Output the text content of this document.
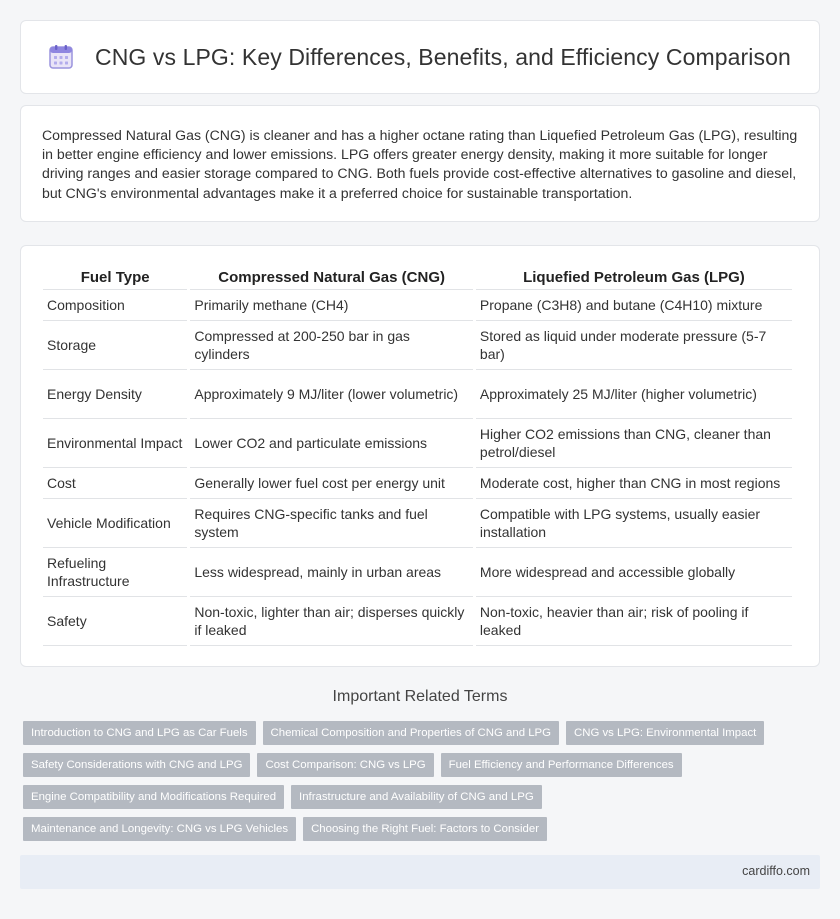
CNG vs LPG: Key Differences, Benefits, and Efficiency Comparison

Compressed Natural Gas (CNG) is cleaner and has a higher octane rating than Liquefied Petroleum Gas (LPG), resulting in better engine efficiency and lower emissions. LPG offers greater energy density, making it more suitable for longer driving ranges and easier storage compared to CNG. Both fuels provide cost-effective alternatives to gasoline and diesel, but CNG's environmental advantages make it a preferred choice for sustainable transportation.

Fuel Type	Compressed Natural Gas (CNG)	Liquefied Petroleum Gas (LPG)
Composition	Primarily methane (CH4)	Propane (C3H8) and butane (C4H10) mixture
Storage	Compressed at 200-250 bar in gas cylinders	Stored as liquid under moderate pressure (5-7 bar)
Energy Density	Approximately 9 MJ/liter (lower volumetric)	Approximately 25 MJ/liter (higher volumetric)
Environmental Impact	Lower CO2 and particulate emissions	Higher CO2 emissions than CNG, cleaner than petrol/diesel
Cost	Generally lower fuel cost per energy unit	Moderate cost, higher than CNG in most regions
Vehicle Modification	Requires CNG-specific tanks and fuel system	Compatible with LPG systems, usually easier installation
Refueling Infrastructure	Less widespread, mainly in urban areas	More widespread and accessible globally
Safety	Non-toxic, lighter than air; disperses quickly if leaked	Non-toxic, heavier than air; risk of pooling if leaked
Important Related Terms
Introduction to CNG and LPG as Car Fuels	Chemical Composition and Properties of CNG and LPG	CNG vs LPG: Environmental Impact
Safety Considerations with CNG and LPG	Cost Comparison: CNG vs LPG	Fuel Efficiency and Performance Differences
Engine Compatibility and Modifications Required	Infrastructure and Availability of CNG and LPG
Maintenance and Longevity: CNG vs LPG Vehicles	Choosing the Right Fuel: Factors to Consider
cardiffo.com
